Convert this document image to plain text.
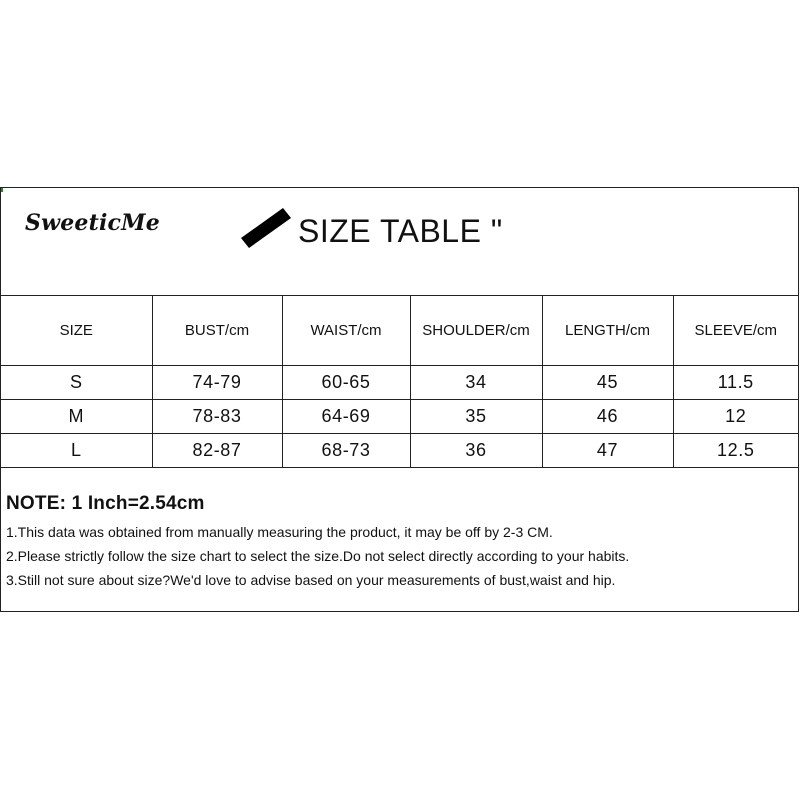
SweeticMe	SIZE TABLE "
SIZE	BUST/cm	WAIST/cm	SHOULDER/cm	LENGTH/cm	SLEEVE/cm
S	74-79	60-65	34	45	11.5
M	78-83	64-69	35	46	12
L	82-87	68-73	36	47	12.5
NOTE: 1 Inch=2.54cm
1.This data was obtained from manually measuring the product, it may be off by 2-3 CM.
2.Please strictly follow the size chart to select the size.Do not select directly according to your habits.
3.Still not sure about size?We'd love to advise based on your measurements of bust,waist and hip.
